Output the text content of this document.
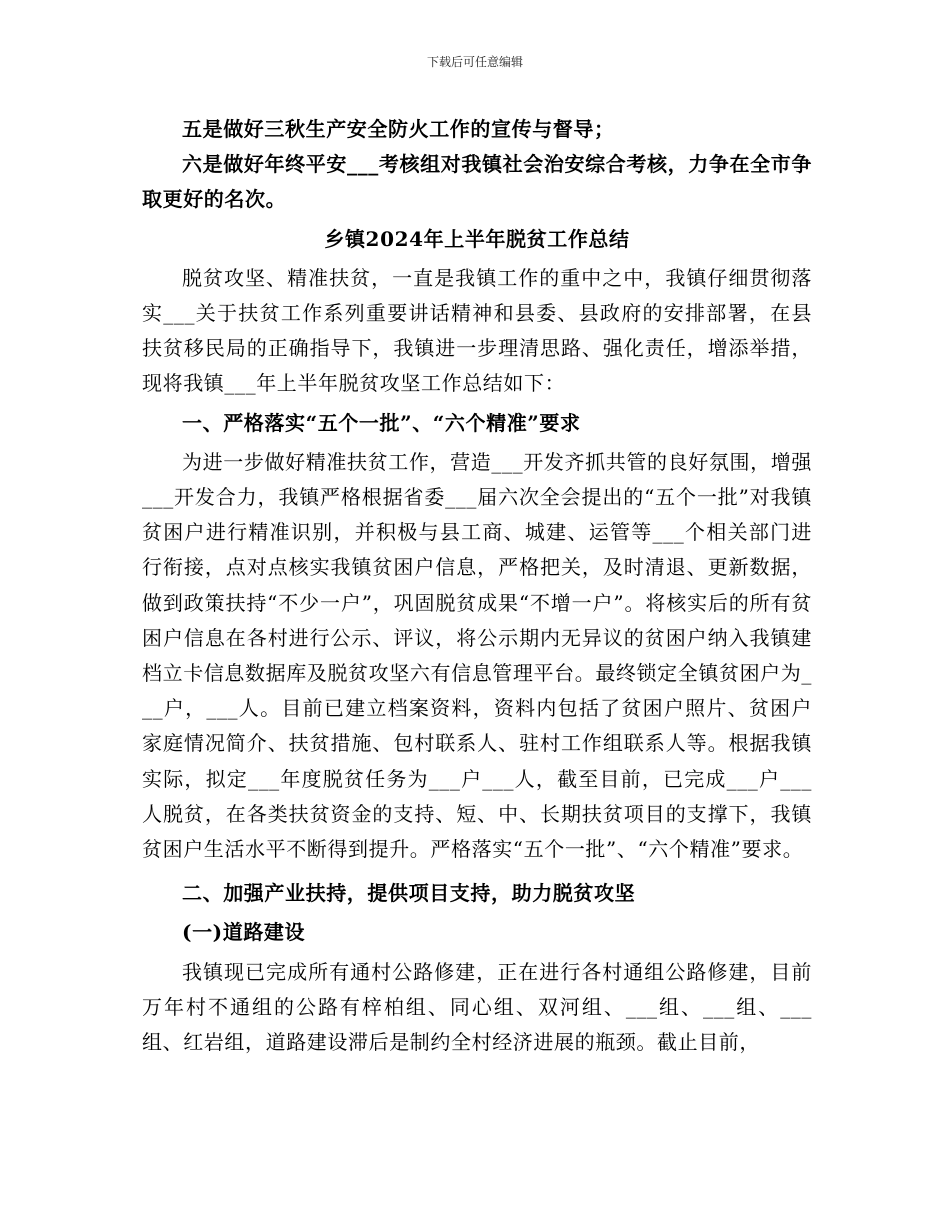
下载后可任意编辑

五是做好三秋生产安全防火工作的宣传与督导；

六是做好年终平安___考核组对我镇社会治安综合考核，力争在全市争取更好的名次。

乡镇2024年上半年脱贫工作总结

脱贫攻坚、精准扶贫，一直是我镇工作的重中之中，我镇仔细贯彻落实___关于扶贫工作系列重要讲话精神和县委、县政府的安排部署，在县扶贫移民局的正确指导下，我镇进一步理清思路、强化责任，增添举措，现将我镇___年上半年脱贫攻坚工作总结如下：

一、严格落实“五个一批”、“六个精准”要求

为进一步做好精准扶贫工作，营造___开发齐抓共管的良好氛围，增强___开发合力，我镇严格根据省委___届六次全会提出的“五个一批”对我镇贫困户进行精准识别，并积极与县工商、城建、运管等___个相关部门进行衔接，点对点核实我镇贫困户信息，严格把关，及时清退、更新数据，做到政策扶持“不少一户”，巩固脱贫成果“不增一户”。将核实后的所有贫困户信息在各村进行公示、评议，将公示期内无异议的贫困户纳入我镇建档立卡信息数据库及脱贫攻坚六有信息管理平台。最终锁定全镇贫困户为___户，___人。目前已建立档案资料，资料内包括了贫困户照片、贫困户家庭情况简介、扶贫措施、包村联系人、驻村工作组联系人等。根据我镇实际，拟定___年度脱贫任务为___户___人，截至目前，已完成___户___人脱贫，在各类扶贫资金的支持、短、中、长期扶贫项目的支撑下，我镇贫困户生活水平不断得到提升。严格落实“五个一批”、“六个精准”要求。

二、加强产业扶持，提供项目支持，助力脱贫攻坚

(一)道路建设

我镇现已完成所有通村公路修建，正在进行各村通组公路修建，目前万年村不通组的公路有梓柏组、同心组、双河组、___组、___组、___组、红岩组，道路建设滞后是制约全村经济进展的瓶颈。截止目前，
